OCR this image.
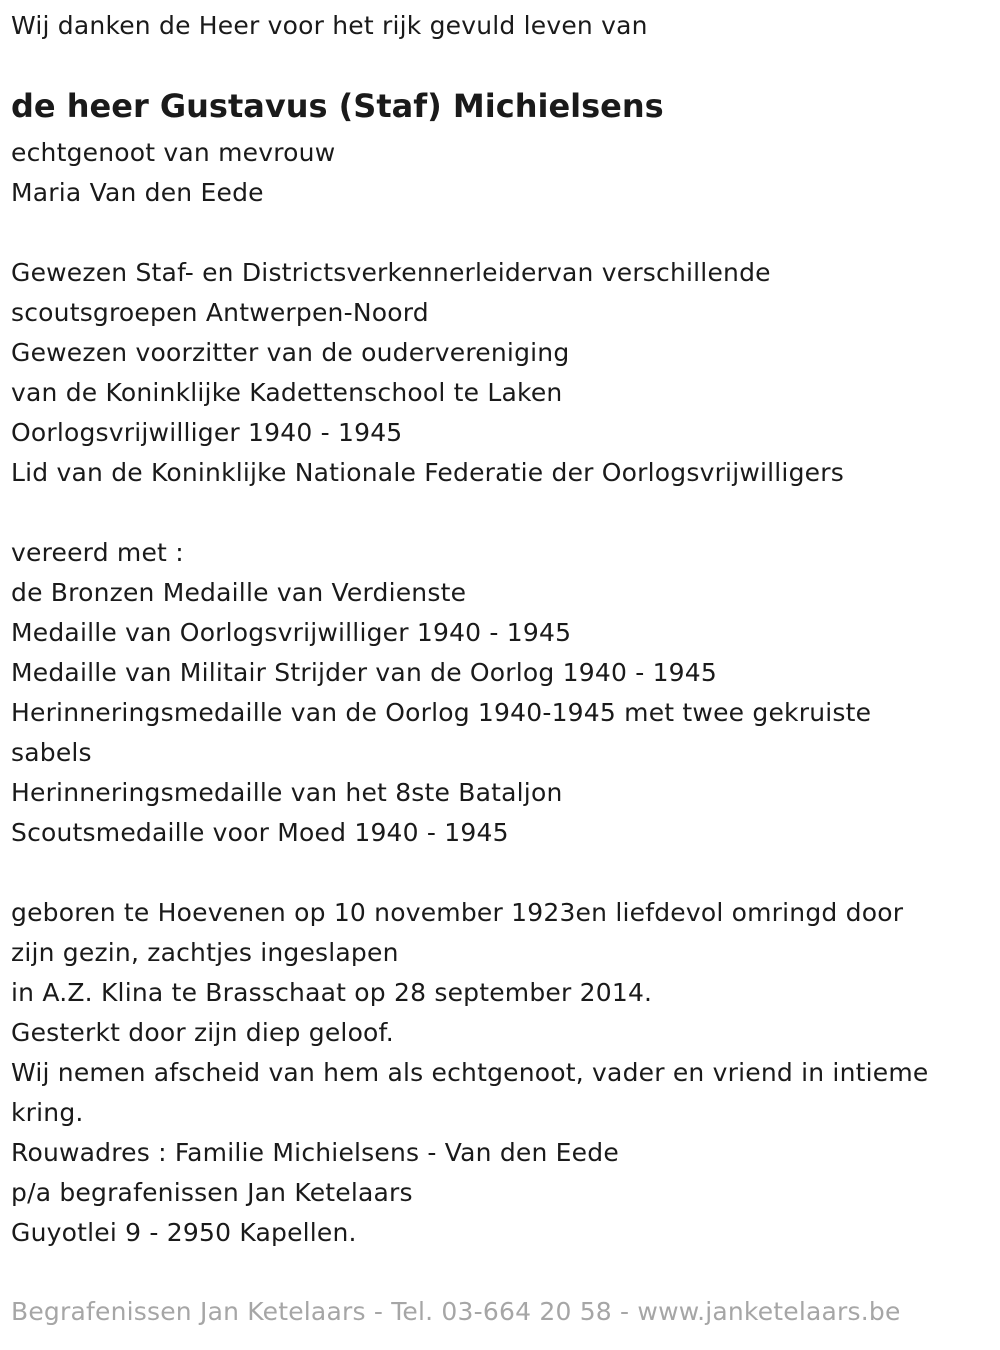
Wij danken de Heer voor het rijk gevuld leven van
de heer Gustavus (Staf) Michielsens
echtgenoot van mevrouw
Maria Van den Eede
Gewezen Staf- en Districtsverkennerleidervan verschillende
scoutsgroepen Antwerpen-Noord
Gewezen voorzitter van de oudervereniging
van de Koninklijke Kadettenschool te Laken
Oorlogsvrijwilliger 1940 - 1945
Lid van de Koninklijke Nationale Federatie der Oorlogsvrijwilligers
vereerd met :
de Bronzen Medaille van Verdienste
Medaille van Oorlogsvrijwilliger 1940 - 1945
Medaille van Militair Strijder van de Oorlog 1940 - 1945
Herinneringsmedaille van de Oorlog 1940-1945 met twee gekruiste
sabels
Herinneringsmedaille van het 8ste Bataljon
Scoutsmedaille voor Moed 1940 - 1945
geboren te Hoevenen op 10 november 1923en liefdevol omringd door
zijn gezin, zachtjes ingeslapen
in A.Z. Klina te Brasschaat op 28 september 2014.
Gesterkt door zijn diep geloof.
Wij nemen afscheid van hem als echtgenoot, vader en vriend in intieme
kring.
Rouwadres : Familie Michielsens - Van den Eede
p/a begrafenissen Jan Ketelaars
Guyotlei 9 - 2950 Kapellen.
Begrafenissen Jan Ketelaars - Tel. 03-664 20 58 - www.janketelaars.be
